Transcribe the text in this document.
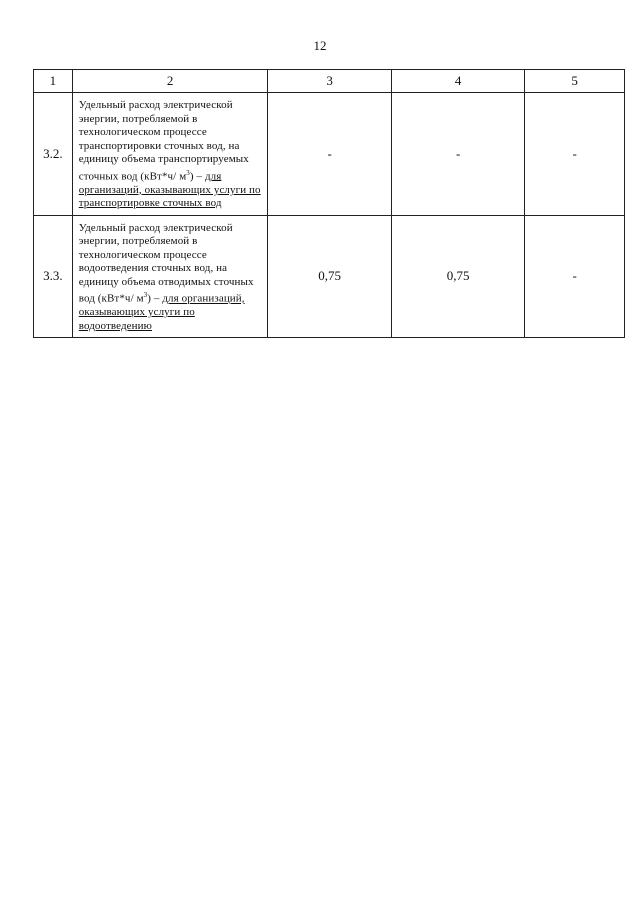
12
1	2	3	4	5
3.2.	Удельный расход электрической энергии, потребляемой в технологическом процессе транспортировки сточных вод, на единицу объема транспортируемых сточных вод (кВт*ч/ $м^3$) – для организаций, оказывающих услуги по транспортировке сточных вод	-	-	-
3.3.	Удельный расход электрической энергии, потребляемой в технологическом процессе водоотведения сточных вод, на единицу объема отводимых сточных вод (кВт*ч/ $м^3$) – для организаций, оказывающих услуги по водоотведению	0,75	0,75	-
